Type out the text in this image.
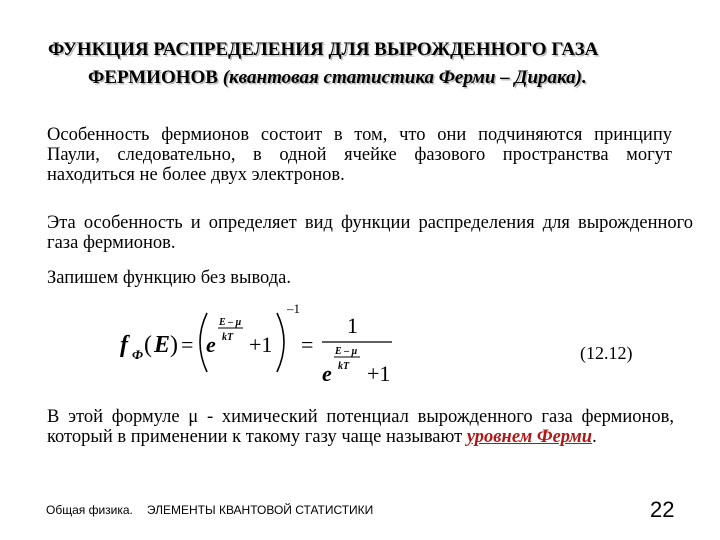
ФУНКЦИЯ РАСПРЕДЕЛЕНИЯ ДЛЯ ВЫРОЖДЕННОГО ГАЗА
ФЕРМИОНОВ (квантовая статистика Ферми – Дирака).
Особенность фермионов состоит в том, что они подчиняются принципу Паули, следовательно, в одной ячейке фазового пространства могут находиться не более двух электронов.
Эта особенность и определяет вид функции распределения для вырожденного газа фермионов.
Запишем функцию без вывода.
f Ф ( E ) = e
E – μ
kT +1
–1
=
1
e
E – μ
kT +1
(12.12)
В этой формуле μ - химический потенциал вырожденного газа фермионов, который в применении к такому газу чаще называют уровнем Ферми.
Общая физика. ЭЛЕМЕНТЫ КВАНТОВОЙ СТАТИСТИКИ	22
